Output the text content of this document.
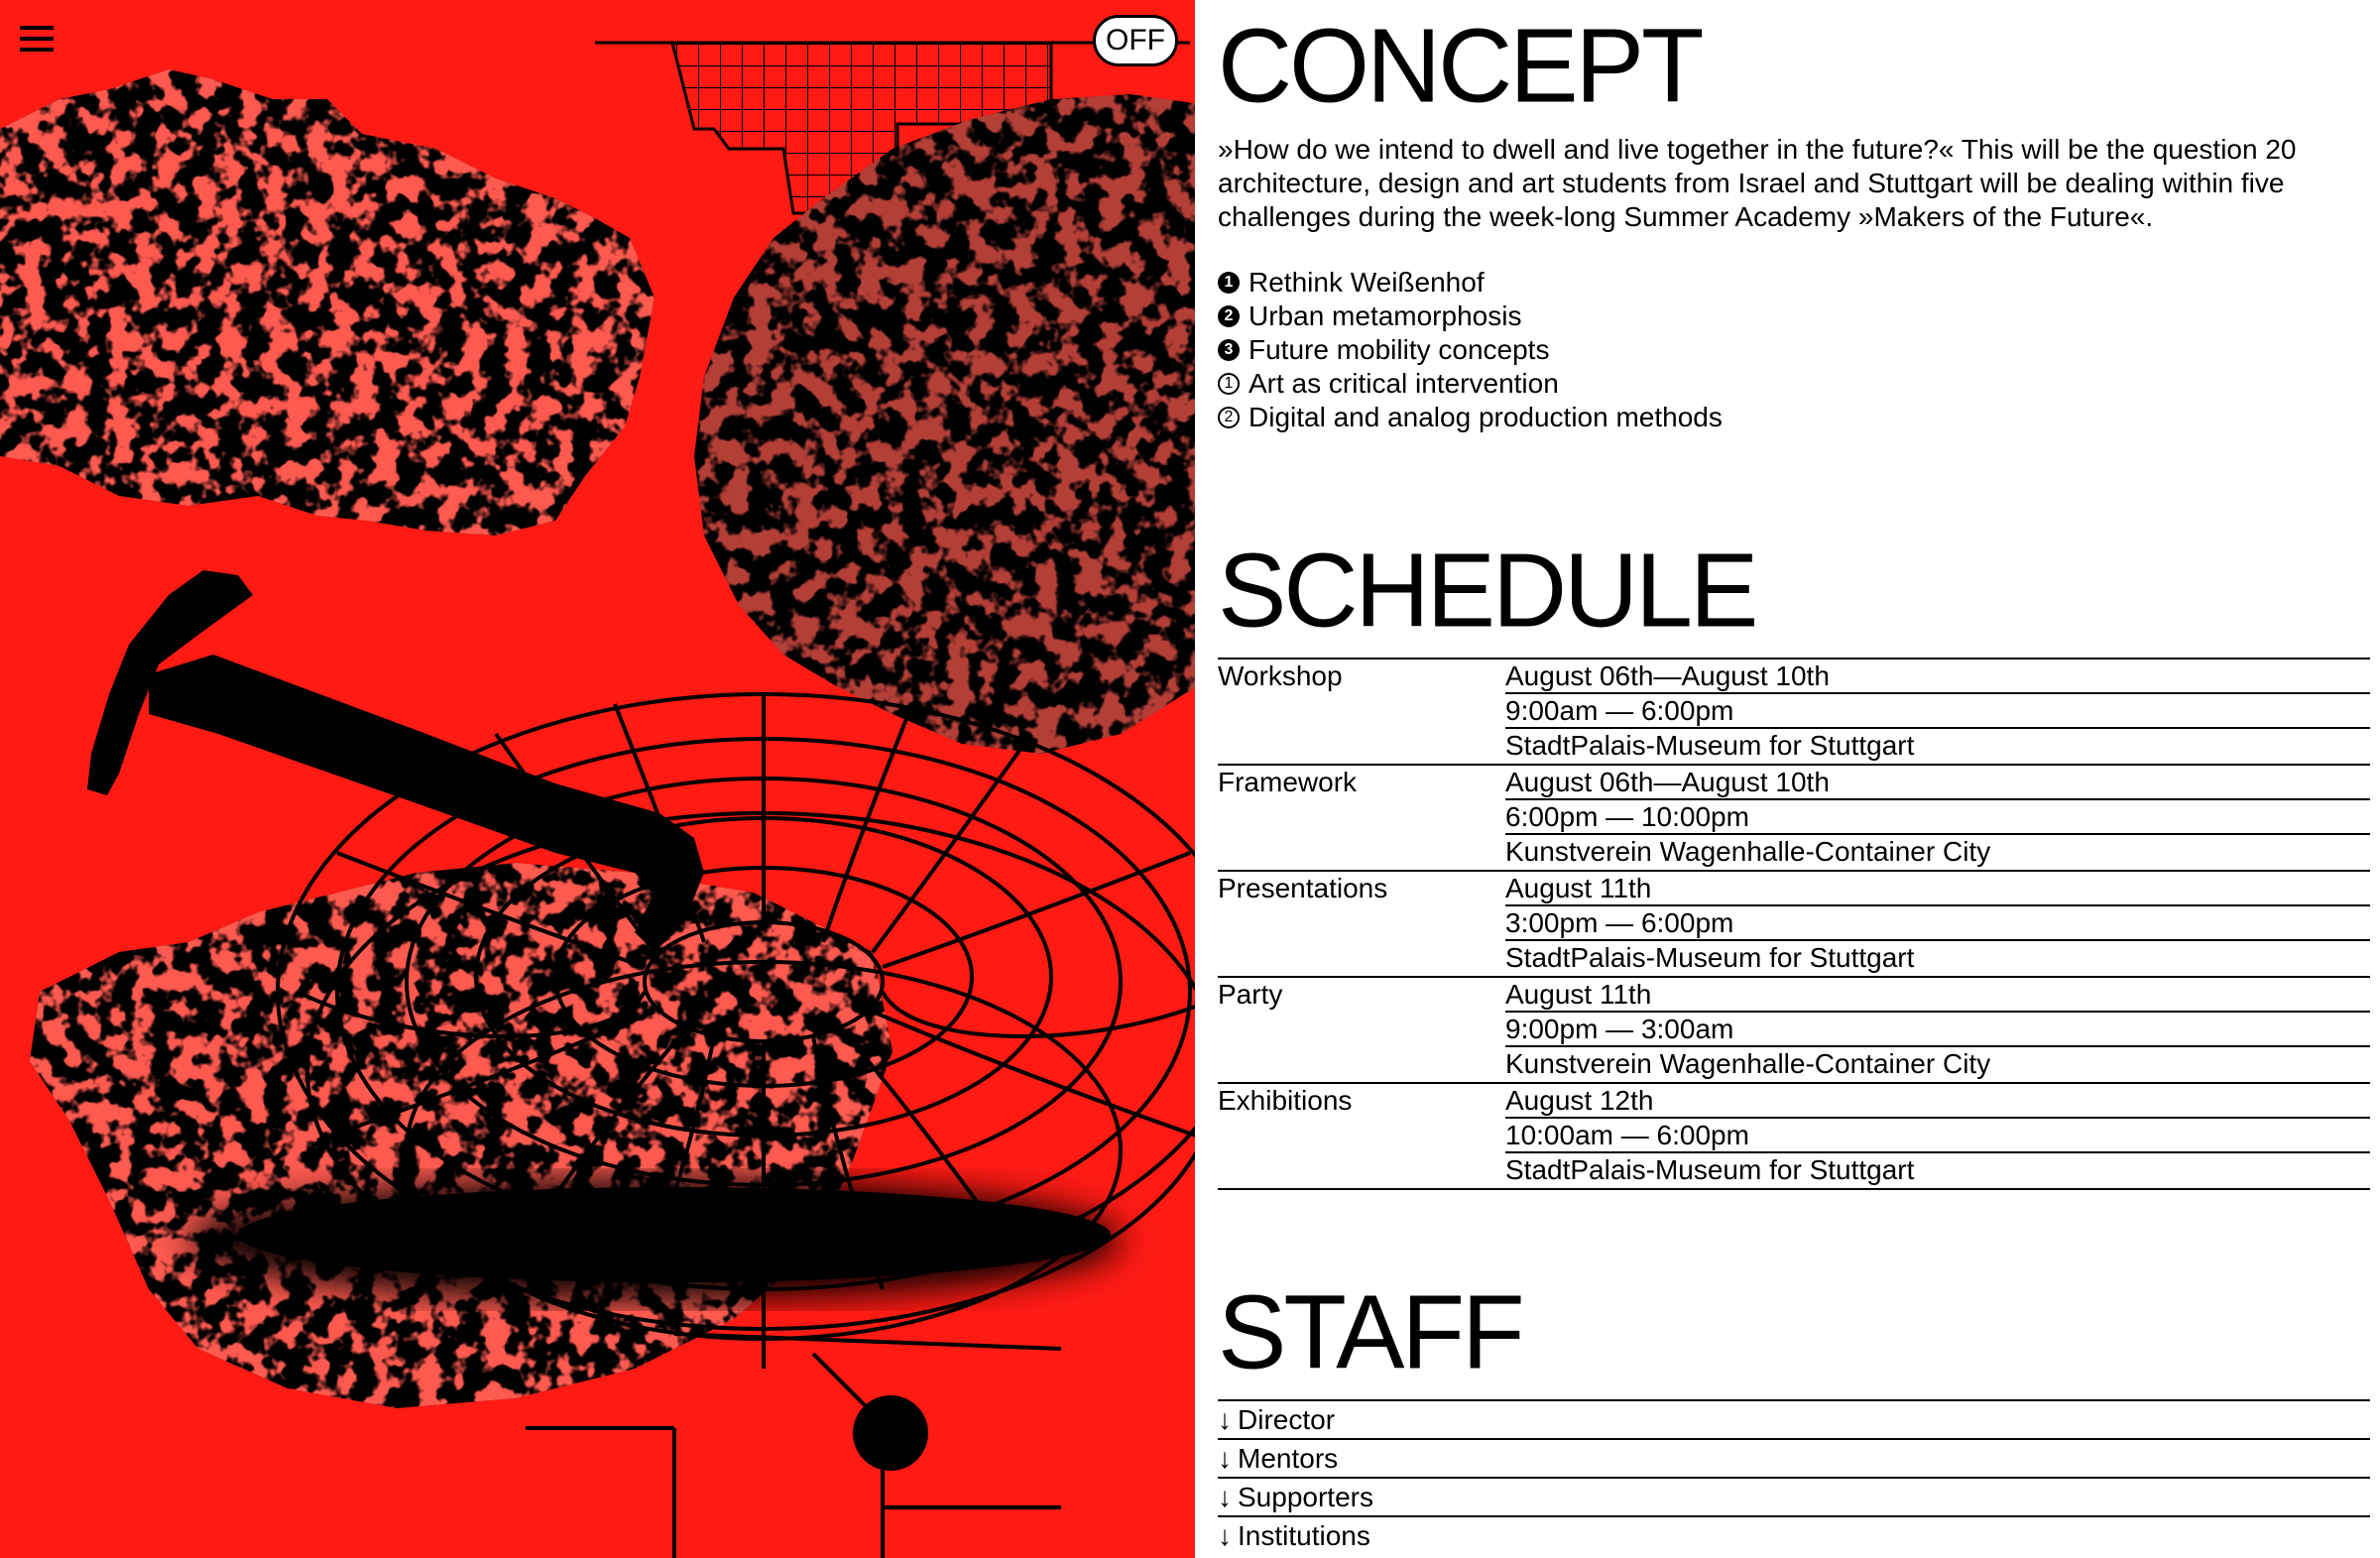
OFF CONCEPT

»How do we intend to dwell and live together in the future?« This will be the question 20 architecture, design and art students from Israel and Stuttgart will be dealing within five challenges during the week-long Summer Academy »Makers of the Future«.

1 Rethink Weißenhof
2 Urban metamorphosis
3 Future mobility concepts
1 Art as critical intervention
2 Digital and analog production methods
SCHEDULE
Workshop	August 06th—August 10th
9:00am — 6:00pm
StadtPalais-Museum for Stuttgart
Framework	August 06th—August 10th
6:00pm — 10:00pm
Kunstverein Wagenhalle-Container City
Presentations	August 11th
3:00pm — 6:00pm
StadtPalais-Museum for Stuttgart
Party	August 11th
9:00pm — 3:00am
Kunstverein Wagenhalle-Container City
Exhibitions	August 12th
10:00am — 6:00pm
StadtPalais-Museum for Stuttgart
STAFF
↓ Director
↓ Mentors
↓ Supporters
↓ Institutions
